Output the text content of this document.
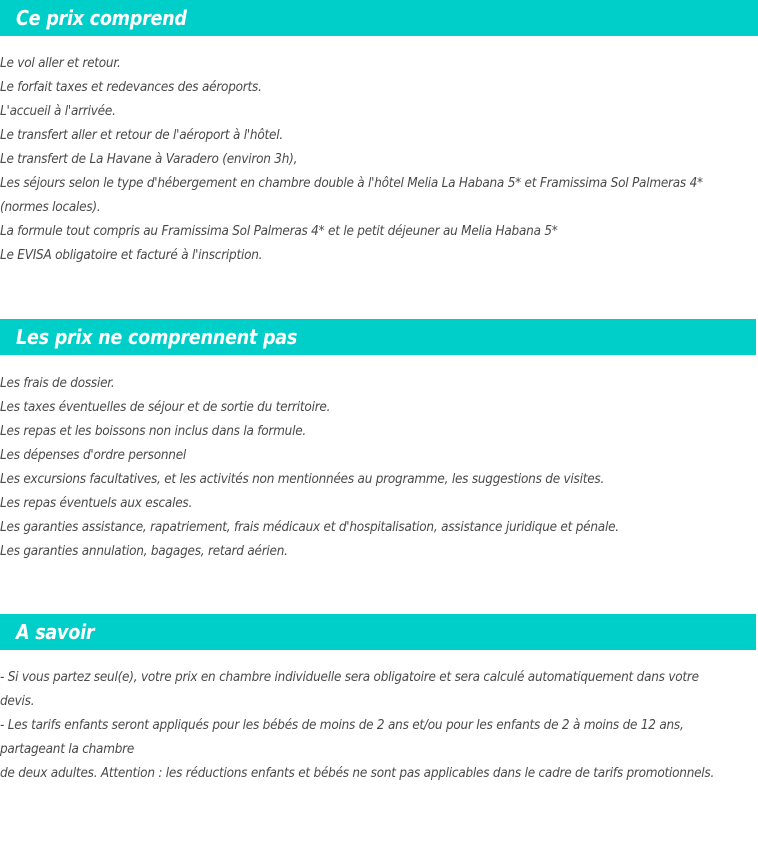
Ce prix comprend

Le vol aller et retour.

Le forfait taxes et redevances des aéroports.

L'accueil à l'arrivée.

Le transfert aller et retour de l'aéroport à l'hôtel.

Le transfert de La Havane à Varadero (environ 3h),

Les séjours selon le type d'hébergement en chambre double à l'hôtel Melia La Habana 5* et Framissima Sol Palmeras 4*

(normes locales).

La formule tout compris au Framissima Sol Palmeras 4* et le petit déjeuner au Melia Habana 5*

Le EVISA obligatoire et facturé à l'inscription.

Les prix ne comprennent pas

Les frais de dossier.

Les taxes éventuelles de séjour et de sortie du territoire.

Les repas et les boissons non inclus dans la formule.

Les dépenses d'ordre personnel

Les excursions facultatives, et les activités non mentionnées au programme, les suggestions de visites.

Les repas éventuels aux escales.

Les garanties assistance, rapatriement, frais médicaux et d'hospitalisation, assistance juridique et pénale.

Les garanties annulation, bagages, retard aérien.

A savoir

- Si vous partez seul(e), votre prix en chambre individuelle sera obligatoire et sera calculé automatiquement dans votre

devis.

- Les tarifs enfants seront appliqués pour les bébés de moins de 2 ans et/ou pour les enfants de 2 à moins de 12 ans,

partageant la chambre

de deux adultes. Attention : les réductions enfants et bébés ne sont pas applicables dans le cadre de tarifs promotionnels.
